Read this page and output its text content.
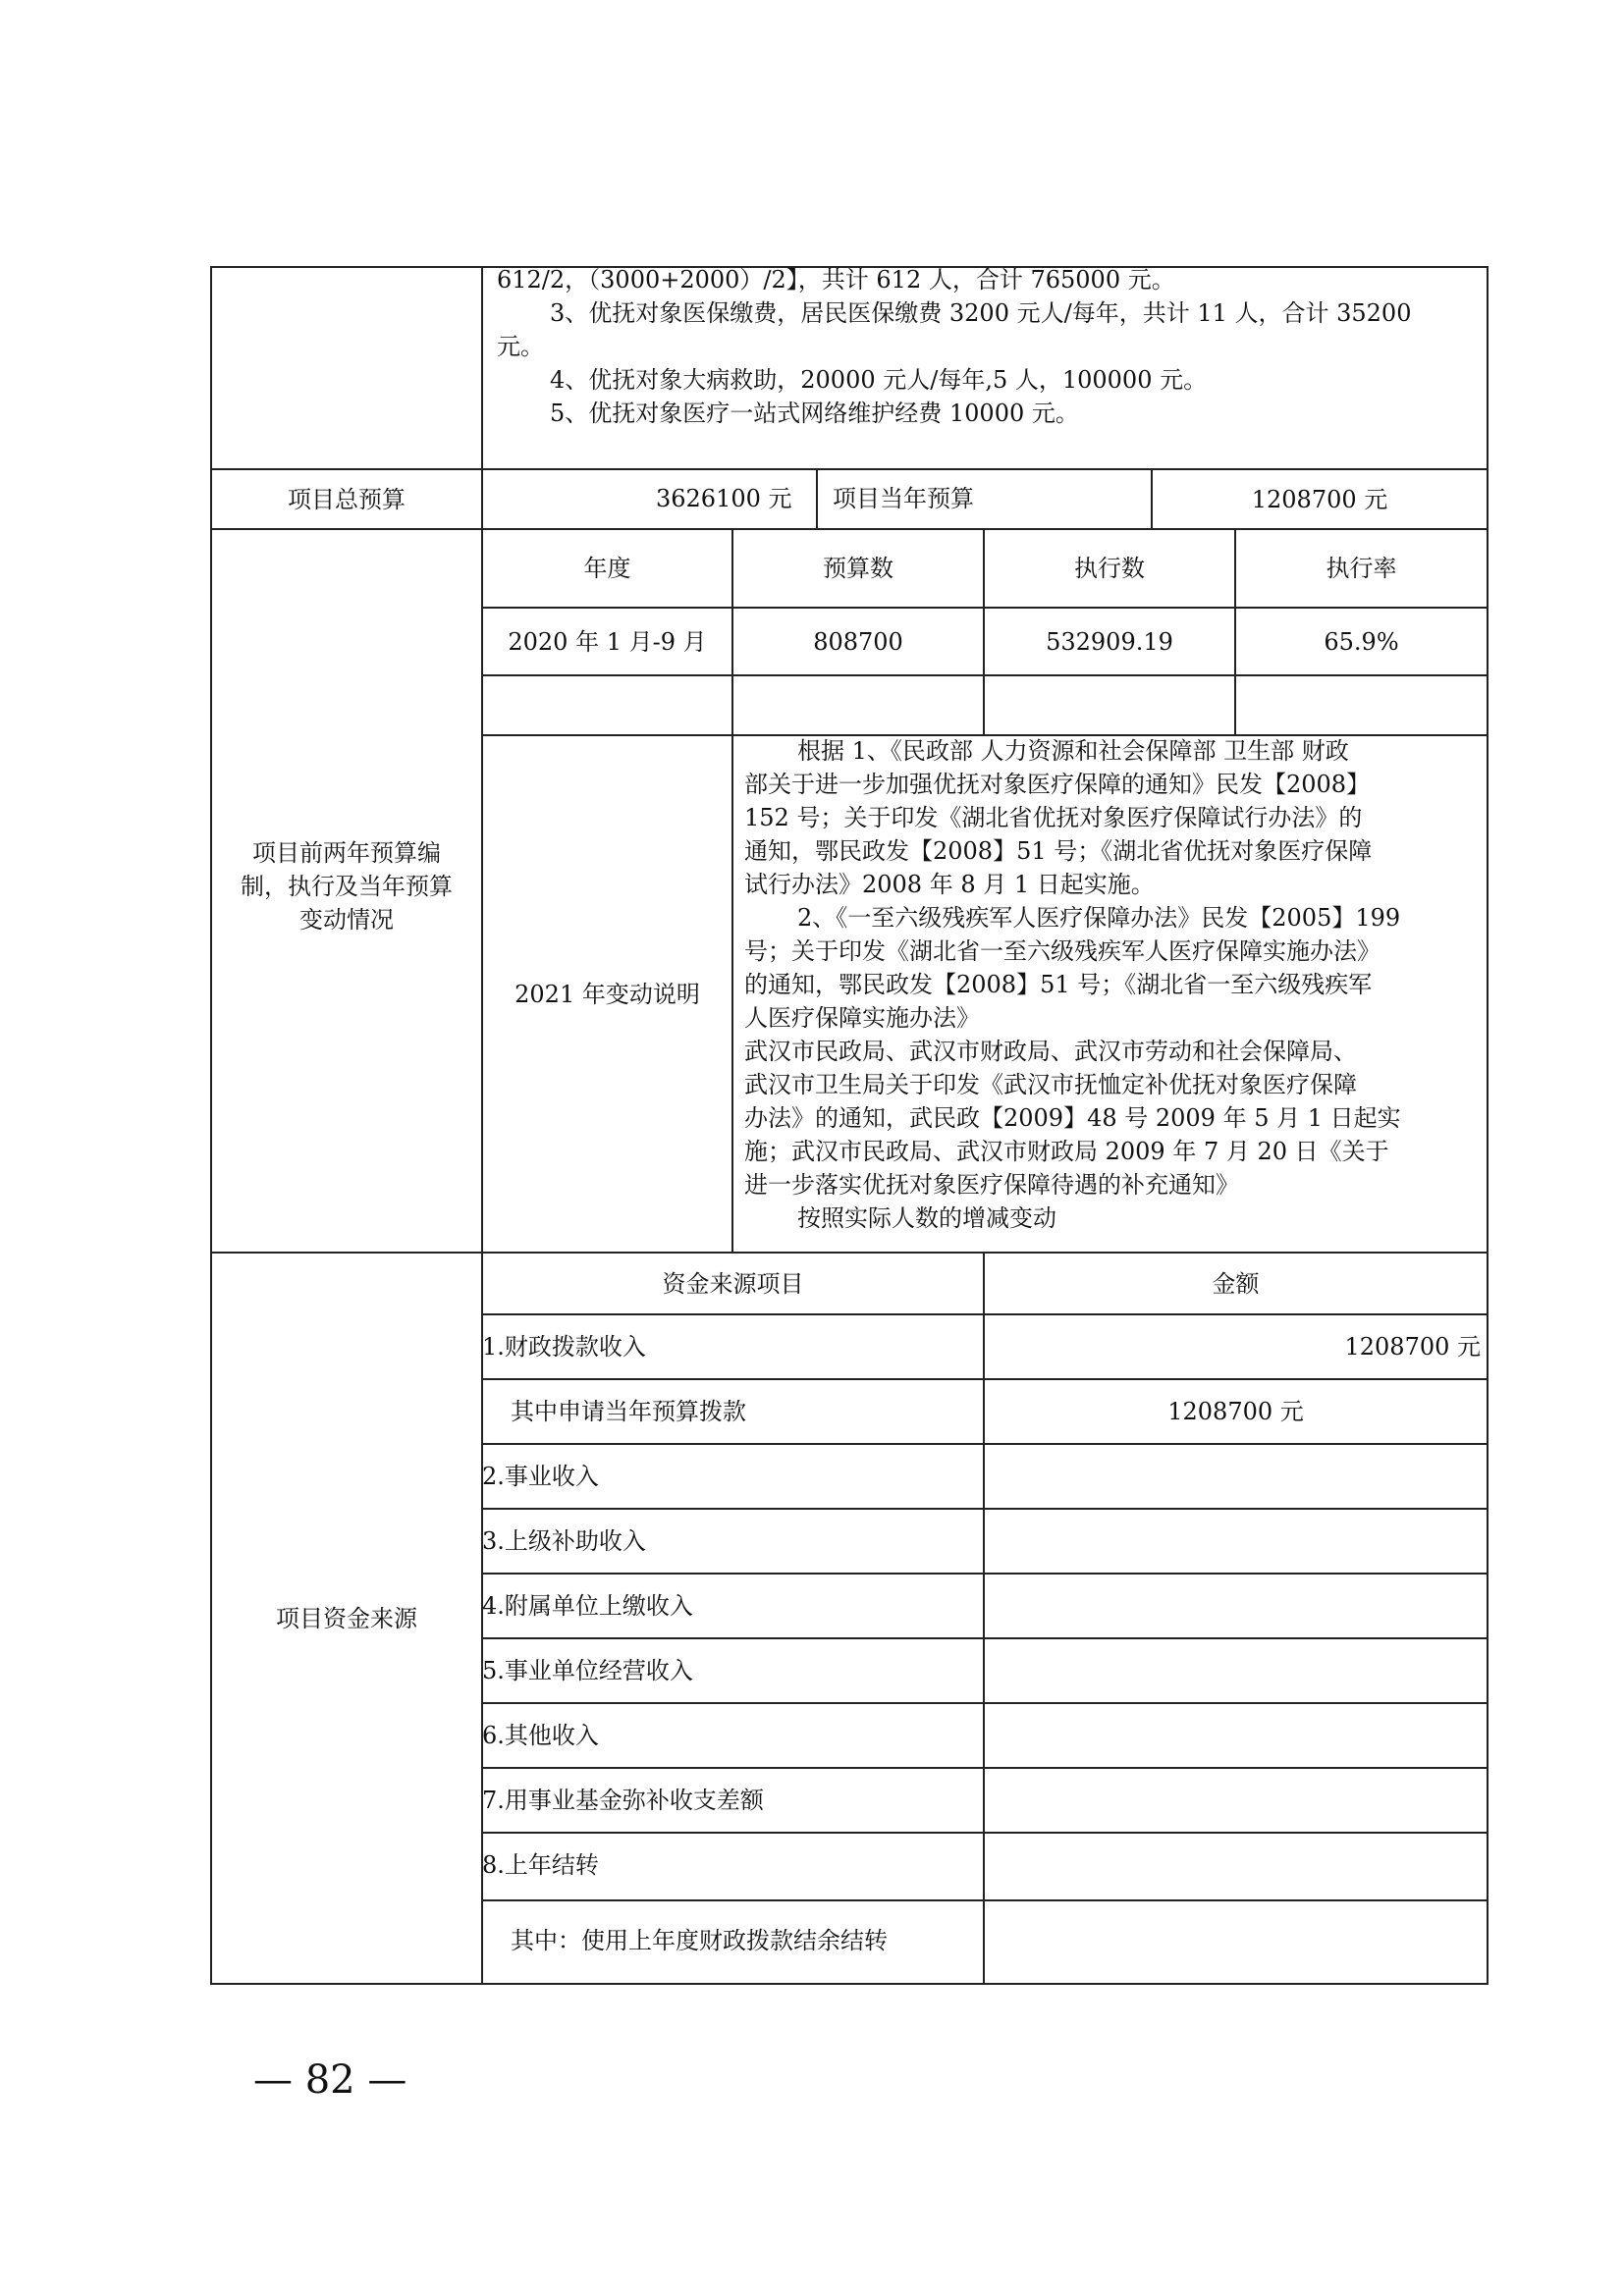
612/2，（3000+2000）/2】，共计 612 人，合计 765000 元。
3、优抚对象医保缴费，居民医保缴费 3200 元人/每年，共计 11 人，合计 35200
元。
4、优抚对象大病救助，20000 元人/每年,5 人，100000 元。
5、优抚对象医疗一站式网络维护经费 10000 元。
项目总预算	3626100 元 项目当年预算	1208700 元
项目前两年预算编
制，执行及当年预算
变动情况
年度	预算数	执行数	执行率
2020 年 1 月-9 月	808700	532909.19	65.9%
2021 年变动说明
根据 1、《民政部 人力资源和社会保障部 卫生部 财政
部关于进一步加强优抚对象医疗保障的通知》民发【2008】
152 号；关于印发《湖北省优抚对象医疗保障试行办法》的
通知，鄂民政发【2008】51 号；《湖北省优抚对象医疗保障
试行办法》2008 年 8 月 1 日起实施。
2、《一至六级残疾军人医疗保障办法》民发【2005】199
号；关于印发《湖北省一至六级残疾军人医疗保障实施办法》
的通知，鄂民政发【2008】51 号；《湖北省一至六级残疾军
人医疗保障实施办法》
武汉市民政局、武汉市财政局、武汉市劳动和社会保障局、
武汉市卫生局关于印发《武汉市抚恤定补优抚对象医疗保障
办法》的通知，武民政【2009】48 号 2009 年 5 月 1 日起实
施；武汉市民政局、武汉市财政局 2009 年 7 月 20 日《关于
进一步落实优抚对象医疗保障待遇的补充通知》
按照实际人数的增减变动
项目资金来源
资金来源项目	金额
1.财政拨款收入	1208700 元
其中申请当年预算拨款	1208700 元
2.事业收入
3.上级补助收入
4.附属单位上缴收入
5.事业单位经营收入
6.其他收入
7.用事业基金弥补收支差额
8.上年结转
其中：使用上年度财政拨款结余结转
— 82 —
